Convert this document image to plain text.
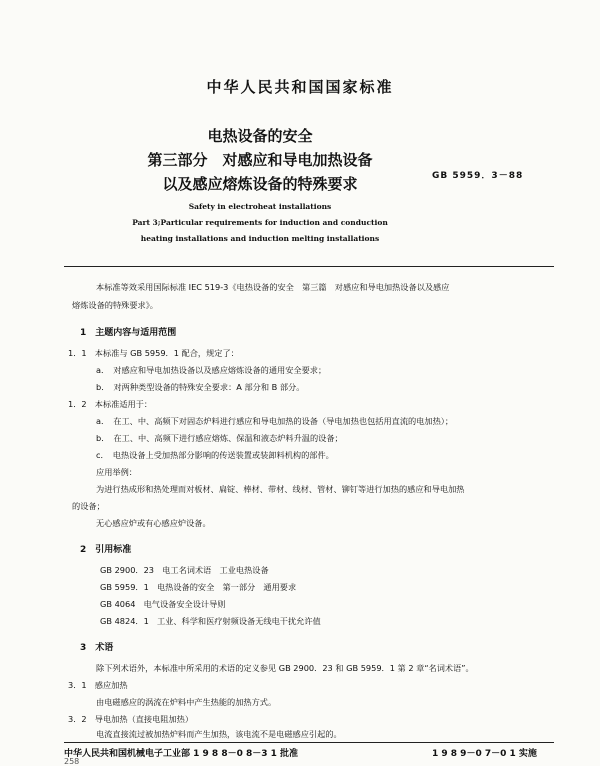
中华人民共和国国家标准
电热设备的安全
第三部分　对感应和导电加热设备
以及感应熔炼设备的特殊要求	GB 5959．3－88
Safety in electroheat installations
Part 3;Particular requirements for induction and conduction
heating installations and induction melting installations
本标准等效采用国际标准 IEC 519-3《电热设备的安全　第三篇　对感应和导电加热设备以及感应
熔炼设备的特殊要求》。
1　主题内容与适用范围
1．1　本标准与 GB 5959．1 配合，规定了：
a．　对感应和导电加热设备以及感应熔炼设备的通用安全要求；
b．　对两种类型设备的特殊安全要求：A 部分和 B 部分。
1．2　本标准适用于：
a．　在工、中、高频下对固态炉料进行感应和导电加热的设备（导电加热也包括用直流的电加热）；
b．　在工、中、高频下进行感应熔炼、保温和液态炉料升温的设备；
c．　电热设备上受加热部分影响的传送装置或装卸料机构的部件。
应用举例：
为进行热成形和热处理而对板材、扁锭、棒材、带材、线材、管材、铆钉等进行加热的感应和导电加热
的设备；
无心感应炉或有心感应炉设备。
2　引用标准
GB 2900．23　电工名词术语　工业电热设备
GB 5959．1　电热设备的安全　第一部分　通用要求
GB 4064　电气设备安全设计导则
GB 4824．1　工业、科学和医疗射频设备无线电干扰允许值
3　术语
除下列术语外，本标准中所采用的术语的定义参见 GB 2900．23 和 GB 5959．1 第 2 章“名词术语”。
3．1　感应加热
由电磁感应的涡流在炉料中产生热能的加热方式。
3．2　导电加热（直接电阻加热）
电流直接流过被加热炉料而产生加热，该电流不是电磁感应引起的。
中华人民共和国机械电子工业部 1 9 8 8－0 8－3 1 批准	1 9 8 9－0 7－0 1 实施
258
